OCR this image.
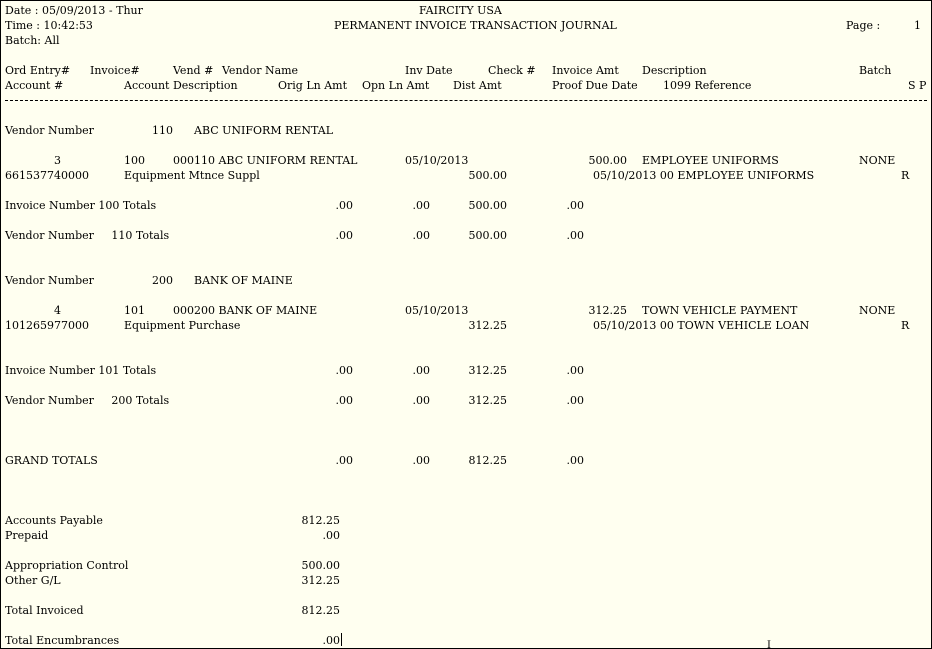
Date : 05/09/2013 - Thur	FAIRCITY USA
Time : 10:42:53	PERMANENT INVOICE TRANSACTION JOURNAL	Page :	1
Batch: All
Ord Entry# Invoice#	Vend # Vendor Name	Inv Date	Check # Invoice Amt Description	Batch
Account #	Account Description	Orig Ln Amt Opn Ln Amt Dist Amt	Proof Due Date 1099 Reference	S P
Vendor Number	110 ABC UNIFORM RENTAL
3	100	000110 ABC UNIFORM RENTAL	05/10/2013	500.00 EMPLOYEE UNIFORMS	NONE
661537740000	Equipment Mtnce Suppl	500.00	05/10/2013 00 EMPLOYEE UNIFORMS	R
Invoice Number 100 Totals	.00	.00	500.00	.00
Vendor Number     110 Totals	.00	.00	500.00	.00
Vendor Number	200 BANK OF MAINE
4	101	000200 BANK OF MAINE	05/10/2013	312.25 TOWN VEHICLE PAYMENT	NONE
101265977000	Equipment Purchase	312.25	05/10/2013 00 TOWN VEHICLE LOAN	R
Invoice Number 101 Totals	.00	.00	312.25	.00
Vendor Number     200 Totals	.00	.00	312.25	.00
GRAND TOTALS	.00	.00	812.25	.00
Accounts Payable	812.25
Prepaid	.00
Appropriation Control	500.00
Other G/L	312.25
Total Invoiced	812.25
Total Encumbrances	.00	I
